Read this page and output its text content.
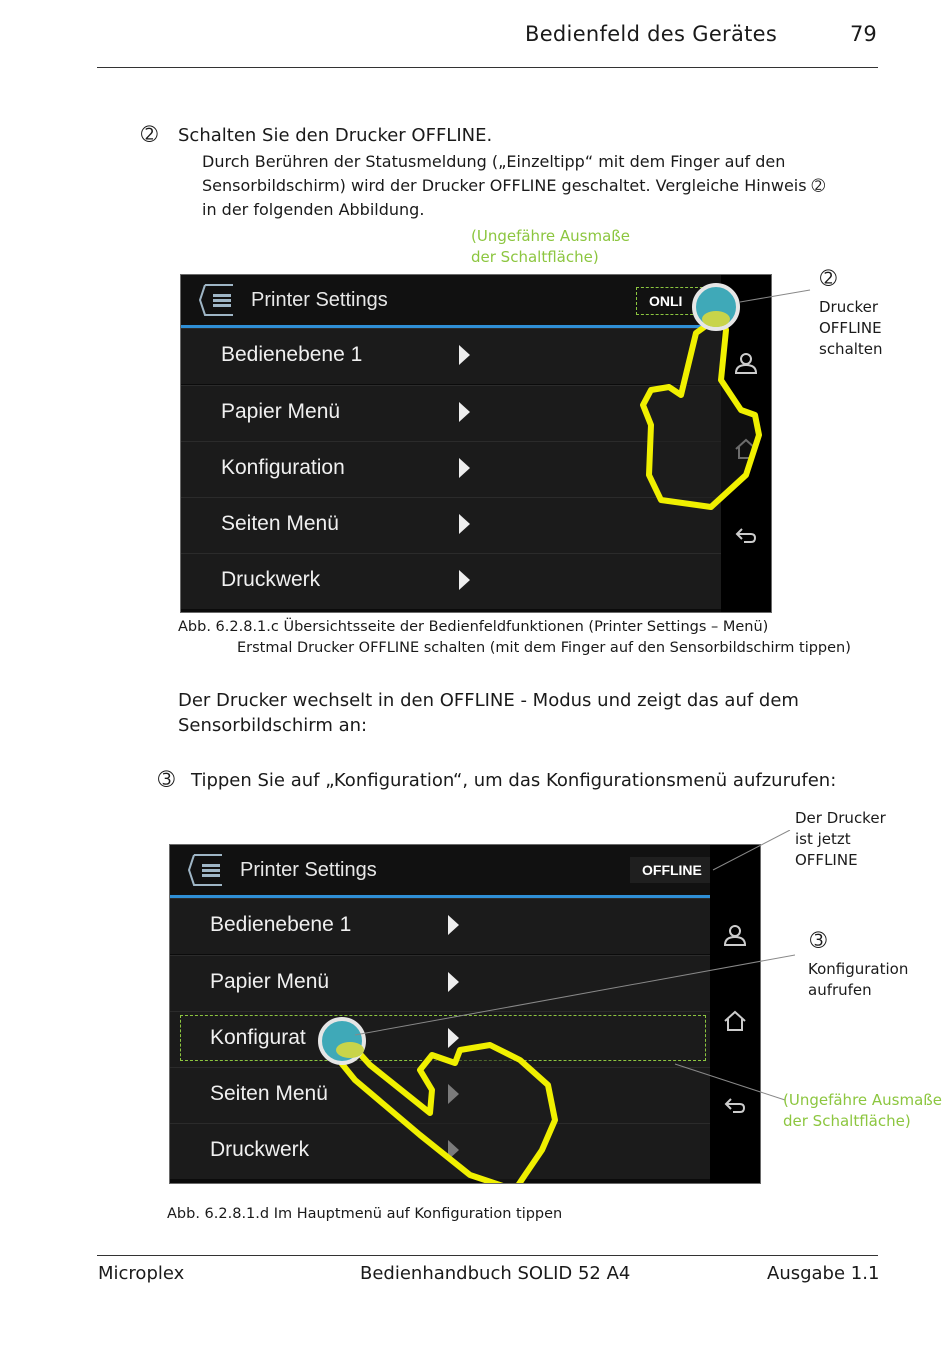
Bedienfeld des Gerätes	79
➁ Schalten Sie den Drucker OFFLINE.
Durch Berühren der Statusmeldung („Einzeltipp“ mit dem Finger auf den
Sensorbildschirm) wird der Drucker OFFLINE geschaltet. Vergleiche Hinweis ➁
in der folgenden Abbildung.
(Ungefähre Ausmaße
der Schaltfläche)
Printer Settings	ONLI
Bedienebene 1
Papier Menü
Konfiguration
Seiten Menü
Druckwerk
➁
Drucker
OFFLINE
schalten
Abb. 6.2.8.1.c Übersichtsseite der Bedienfeldfunktionen (Printer Settings – Menü)
Erstmal Drucker OFFLINE schalten (mit dem Finger auf den Sensorbildschirm tippen)
Der Drucker wechselt in den OFFLINE - Modus und zeigt das auf dem
Sensorbildschirm an:
➂ Tippen Sie auf „Konfiguration“, um das Konfigurationsmenü aufzurufen:
Der Drucker
ist jetzt
OFFLINE
Printer Settings	OFFLINE
Bedienebene 1
Papier Menü
Konfigurat
Seiten Menü
Druckwerk
➂
Konfiguration
aufrufen
(Ungefähre Ausmaße
der Schaltfläche)
Abb. 6.2.8.1.d Im Hauptmenü auf Konfiguration tippen
Microplex	Bedienhandbuch SOLID 52 A4	Ausgabe 1.1
